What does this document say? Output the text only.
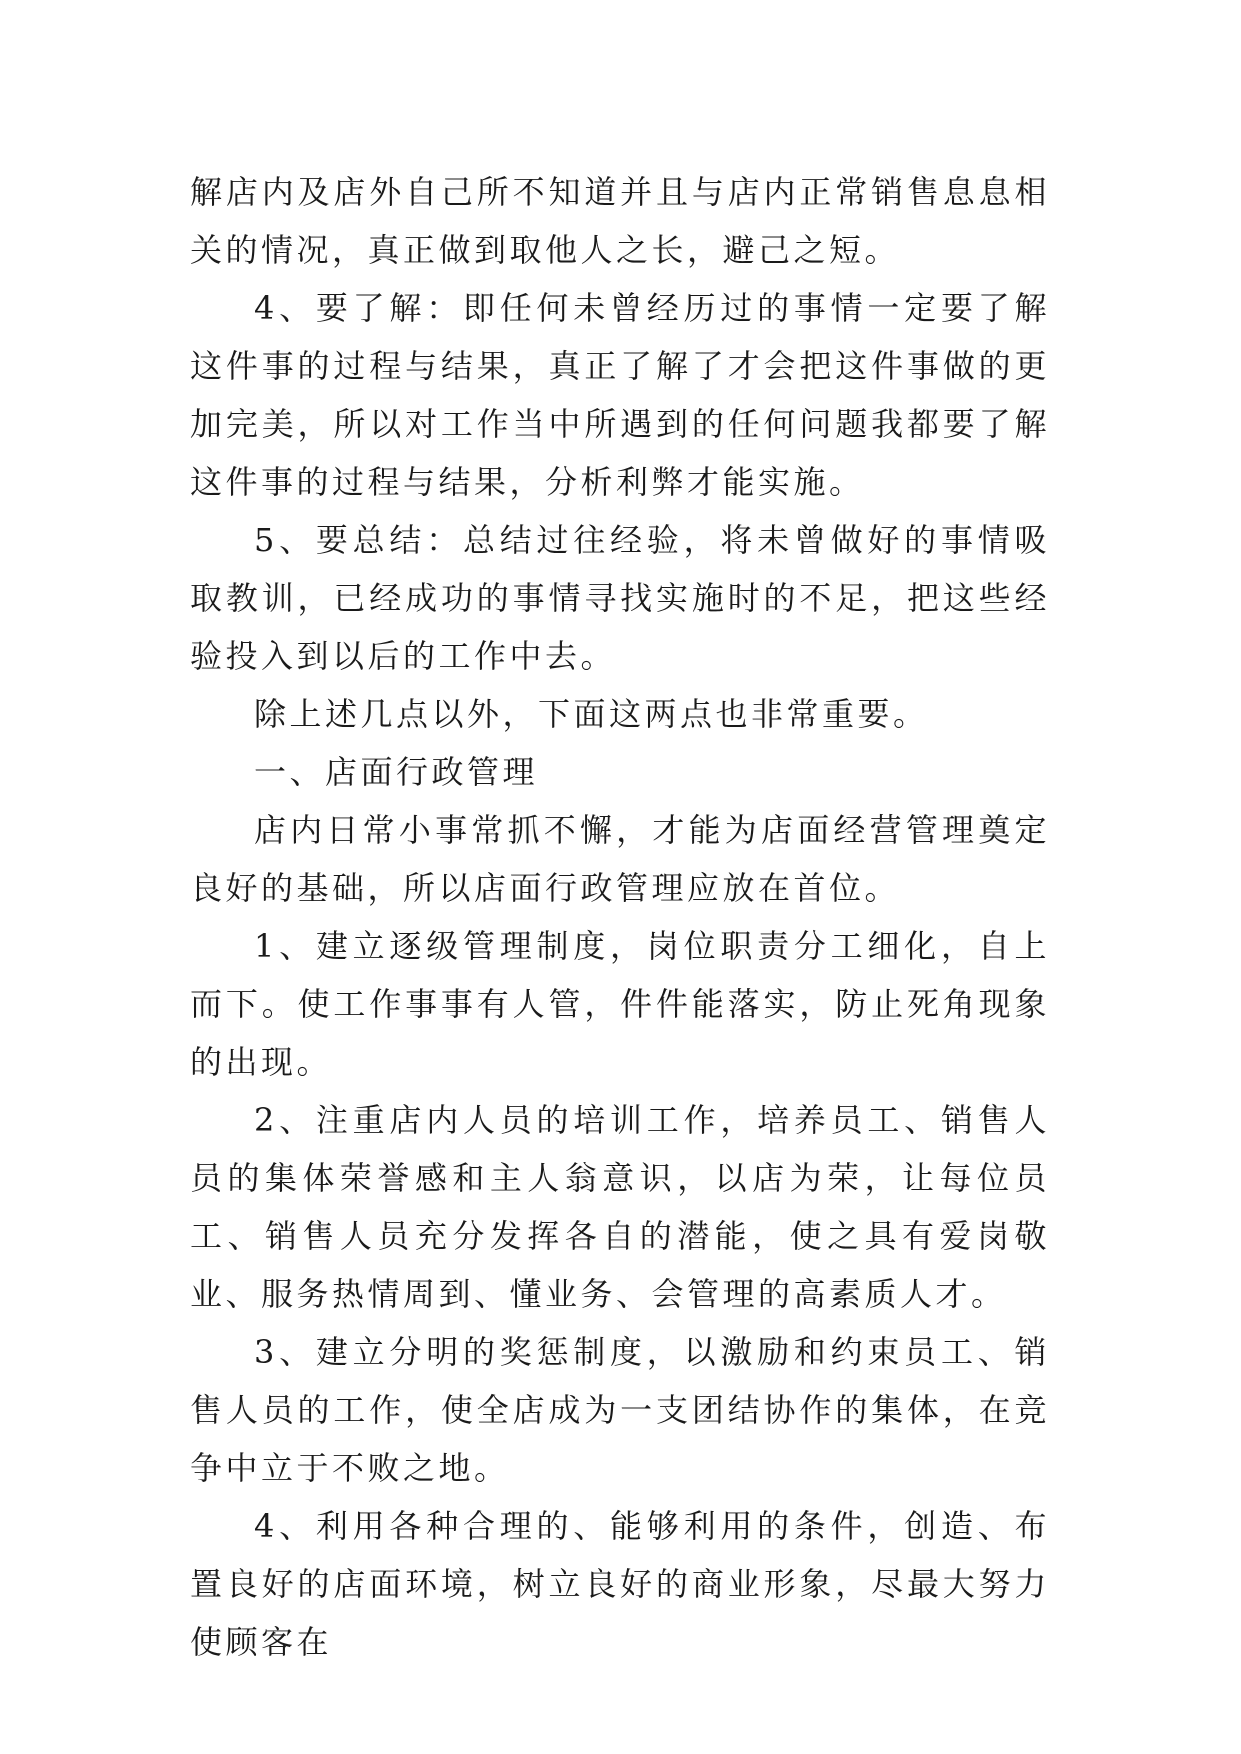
解店内及店外自己所不知道并且与店内正常销售息息相关的情况，真正做到取他人之长，避己之短。

4、要了解：即任何未曾经历过的事情一定要了解这件事的过程与结果，真正了解了才会把这件事做的更加完美，所以对工作当中所遇到的任何问题我都要了解这件事的过程与结果，分析利弊才能实施。

5、要总结：总结过往经验，将未曾做好的事情吸取教训，已经成功的事情寻找实施时的不足，把这些经验投入到以后的工作中去。

除上述几点以外，下面这两点也非常重要。

一、店面行政管理

店内日常小事常抓不懈，才能为店面经营管理奠定良好的基础，所以店面行政管理应放在首位。

1、建立逐级管理制度，岗位职责分工细化，自上而下。使工作事事有人管，件件能落实，防止死角现象的出现。

2、注重店内人员的培训工作，培养员工、销售人员的集体荣誉感和主人翁意识，以店为荣，让每位员工、销售人员充分发挥各自的潜能，使之具有爱岗敬业、服务热情周到、懂业务、会管理的高素质人才。

3、建立分明的奖惩制度，以激励和约束员工、销售人员的工作，使全店成为一支团结协作的集体，在竞争中立于不败之地。

4、利用各种合理的、能够利用的条件，创造、布置良好的店面环境，树立良好的商业形象，尽最大努力使顾客在
